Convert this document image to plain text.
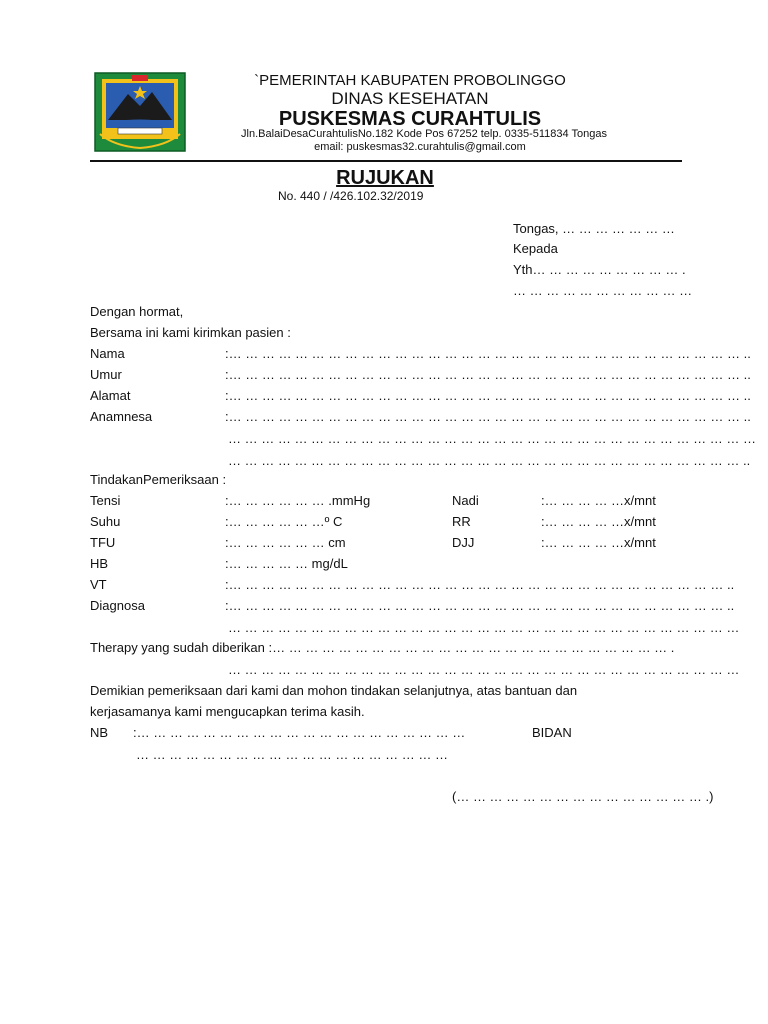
`PEMERINTAH KABUPATEN PROBOLINGGO
DINAS KESEHATAN
PUSKESMAS CURAHTULIS
Jln.BalaiDesaCurahtulisNo.182 Kode Pos 67252 telp. 0335-511834 Tongas
email: puskesmas32.curahtulis@gmail.com
RUJUKAN
No. 440 / /426.102.32/2019
Tongas, … … … … … … …
Kepada
Yth… … … … … … … … … .
… … … … … … … … … … …
Dengan hormat,
Bersama ini kami kirimkan pasien :
Nama	:… … … … … … … … … … … … … … … … … … … … … … … … … … … … … … … ..
Umur	:… … … … … … … … … … … … … … … … … … … … … … … … … … … … … … … ..
Alamat	:… … … … … … … … … … … … … … … … … … … … … … … … … … … … … … … ..
Anamnesa	:… … … … … … … … … … … … … … … … … … … … … … … … … … … … … … … ..
… … … … … … … … … … … … … … … … … … … … … … … … … … … … … … … …
… … … … … … … … … … … … … … … … … … … … … … … … … … … … … … … ..
TindakanPemeriksaan :
Tensi	:… … … … … … .mmHg	Nadi	:… … … … …x/mnt
Suhu	:… … … … … …º C	RR	:… … … … …x/mnt
TFU	:… … … … … … cm	DJJ	:… … … … …x/mnt
HB	:… … … … … mg/dL
VT	:… … … … … … … … … … … … … … … … … … … … … … … … … … … … … … ..
Diagnosa	:… … … … … … … … … … … … … … … … … … … … … … … … … … … … … … ..
… … … … … … … … … … … … … … … … … … … … … … … … … … … … … … …
Therapy yang sudah diberikan :… … … … … … … … … … … … … … … … … … … … … … … … .
… … … … … … … … … … … … … … … … … … … … … … … … … … … … … … …
Demikian pemeriksaan dari kami dan mohon tindakan selanjutnya, atas bantuan dan
kerjasamanya kami mengucapkan terima kasih.
NB :… … … … … … … … … … … … … … … … … … … …
… … … … … … … … … … … … … … … … … … …
BIDAN
(… … … … … … … … … … … … … … … .)
